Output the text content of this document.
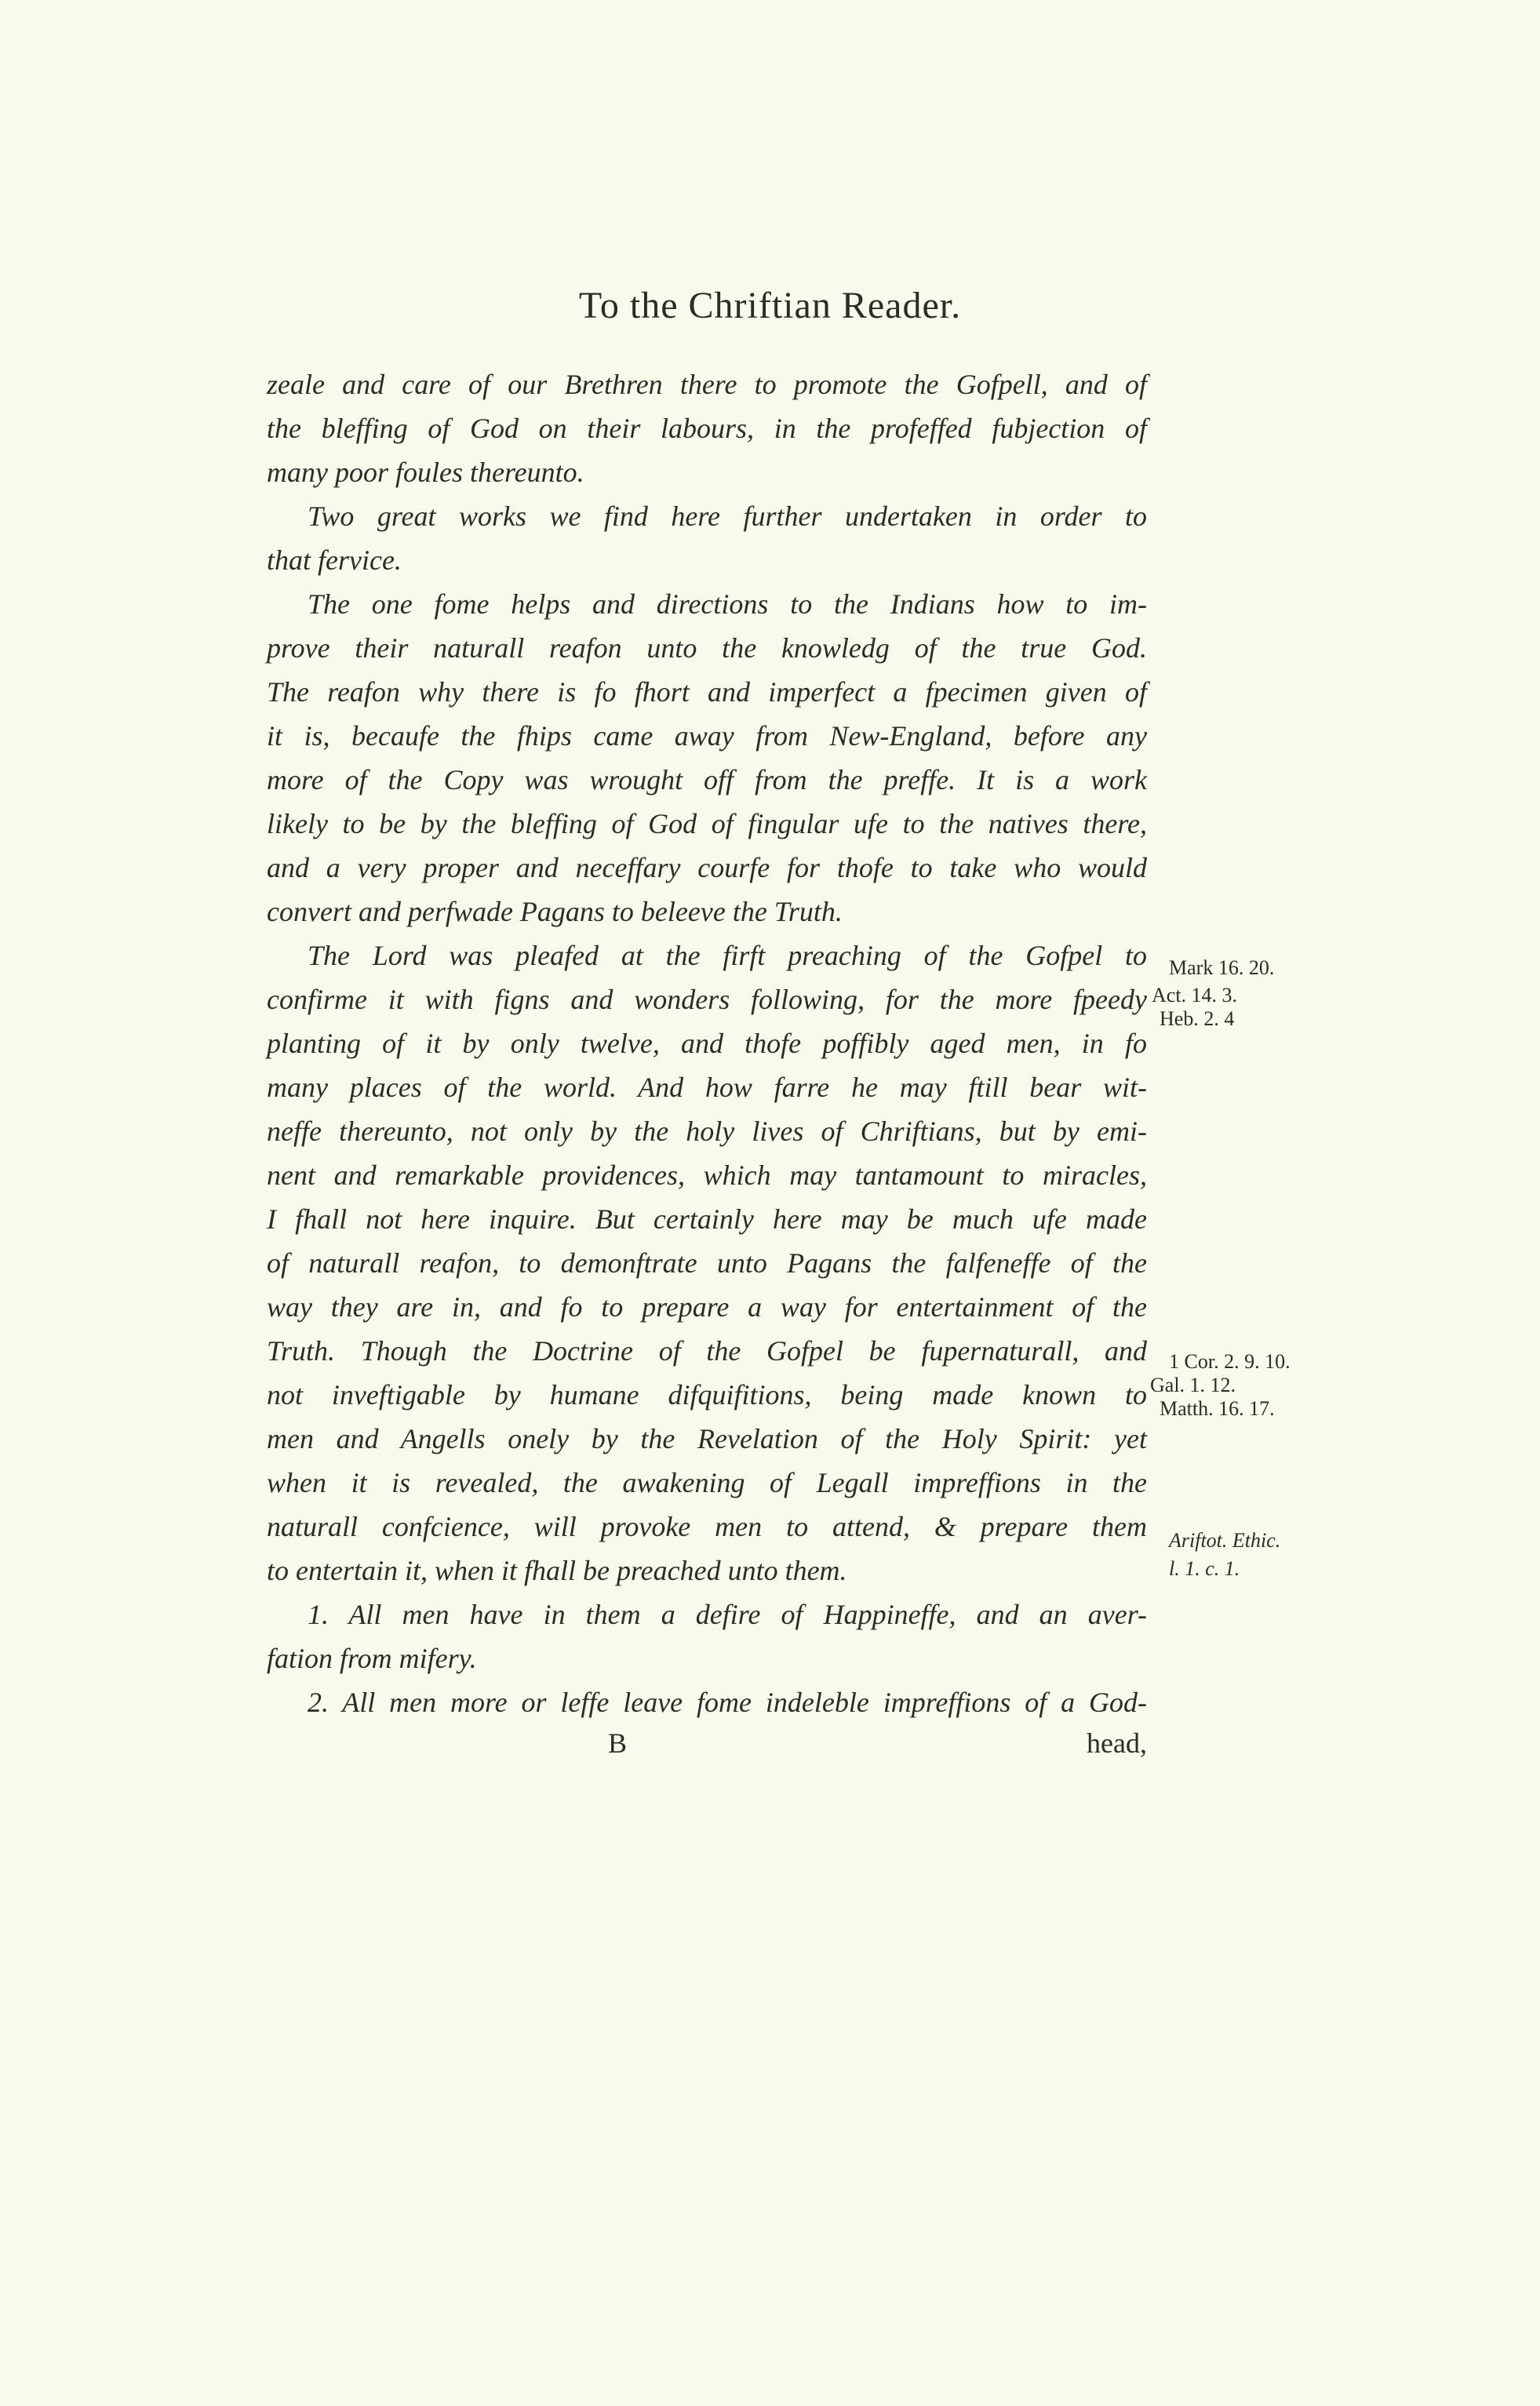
To the Chriftian Reader.
zeale and care of our Brethren there to promote the Gofpell, and of
the bleffing of God on their labours, in the profeffed fubjection of
many poor foules thereunto.
Two great works we find here further undertaken in order to
that fervice.
The one fome helps and directions to the Indians how to im-
prove their naturall reafon unto the knowledg of the true God.
The reafon why there is fo fhort and imperfect a fpecimen given of
it is, becaufe the fhips came away from New-England, before any
more of the Copy was wrought off from the preffe. It is a work
likely to be by the bleffing of God of fingular ufe to the natives there,
and a very proper and neceffary courfe for thofe to take who would
convert and perfwade Pagans to beleeve the Truth.
The Lord was pleafed at the firft preaching of the Gofpel to
confirme it with figns and wonders following, for the more fpeedy
planting of it by only twelve, and thofe poffibly aged men, in fo
many places of the world. And how farre he may ftill bear wit-
neffe thereunto, not only by the holy lives of Chriftians, but by emi-
nent and remarkable providences, which may tantamount to miracles,
I fhall not here inquire. But certainly here may be much ufe made
of naturall reafon, to demonftrate unto Pagans the falfeneffe of the
way they are in, and fo to prepare a way for entertainment of the
Truth. Though the Doctrine of the Gofpel be fupernaturall, and
not inveftigable by humane difquifitions, being made known to
men and Angells onely by the Revelation of the Holy Spirit: yet
when it is revealed, the awakening of Legall impreffions in the
naturall confcience, will provoke men to attend, & prepare them
to entertain it, when it fhall be preached unto them.
1. All men have in them a defire of Happineffe, and an aver-
fation from mifery.
2. All men more or leffe leave fome indeleble impreffions of a God-
Mark 16. 20.
Act. 14. 3.
Heb. 2. 4
1 Cor. 2. 9. 10.
Gal. 1. 12.
Matth. 16. 17.
Ariftot. Ethic.
l. 1. c. 1.
B	head,
